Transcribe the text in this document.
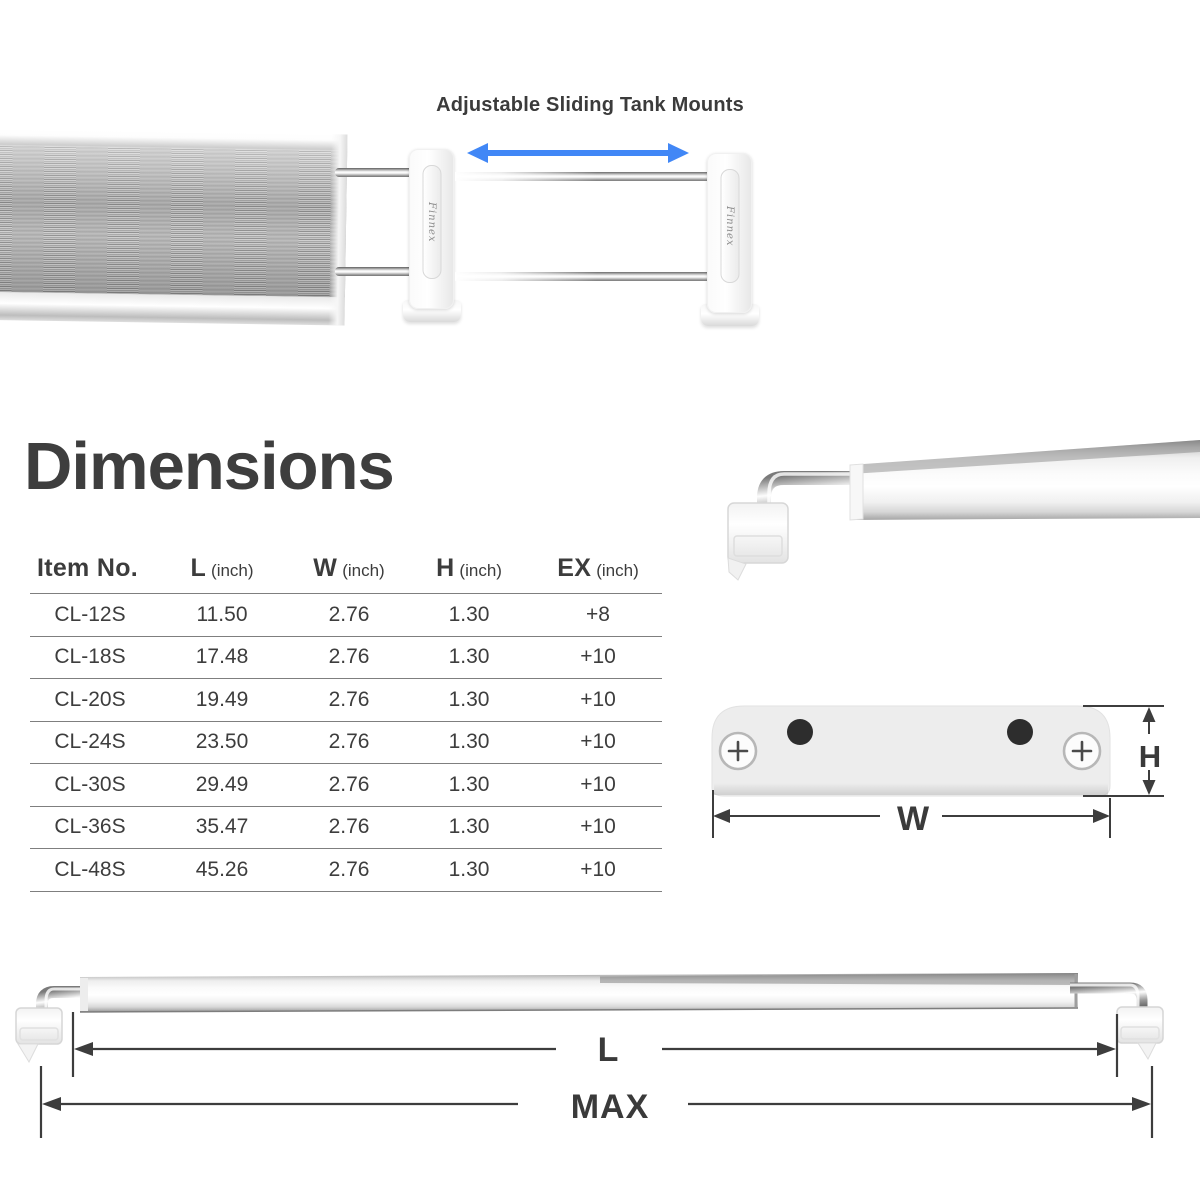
Adjustable Sliding Tank Mounts
Finnex	Finnex
Dimensions
Item No.	L (inch)	W (inch)	H (inch)	EX (inch)
CL-12S	11.50	2.76	1.30	+8
CL-18S	17.48	2.76	1.30	+10
CL-20S	19.49	2.76	1.30	+10
CL-24S	23.50	2.76	1.30	+10
CL-30S	29.49	2.76	1.30	+10
CL-36S	35.47	2.76	1.30	+10
CL-48S	45.26	2.76	1.30	+10
W
H
L
MAX
